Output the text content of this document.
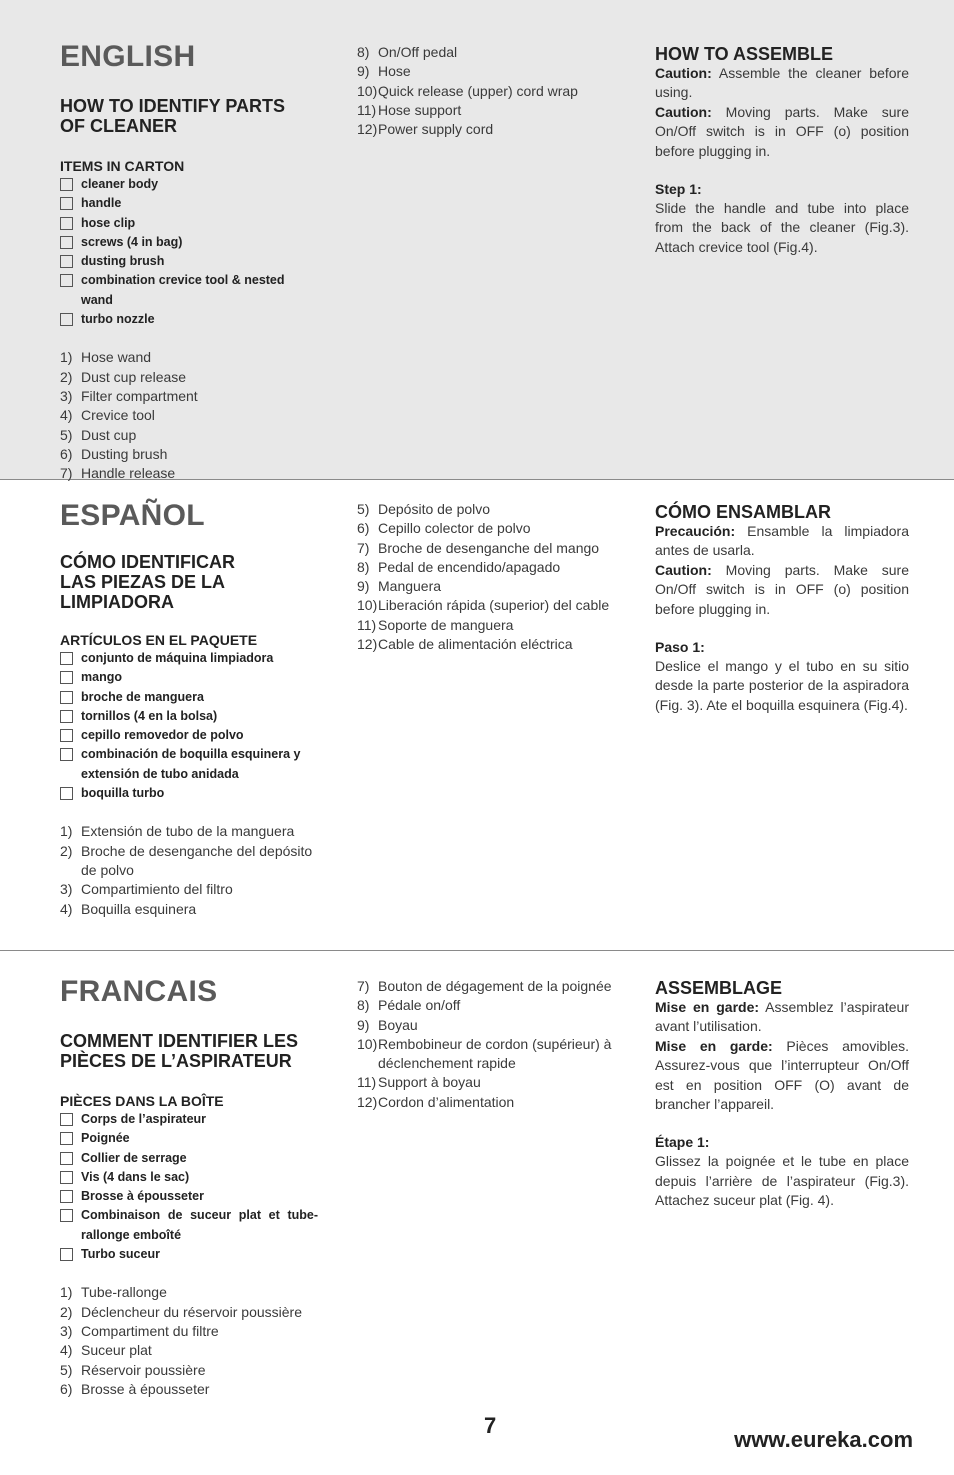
ENGLISH
HOW TO IDENTIFY PARTS
OF CLEANER
ITEMS IN CARTON
cleaner body
handle
hose clip
screws (4 in bag)
dusting brush
combination crevice tool & nested wand
turbo nozzle
1) Hose wand
2) Dust cup release
3) Filter compartment
4) Crevice tool
5) Dust cup
6) Dusting brush
7) Handle release
8) On/Off pedal
9) Hose
10) Quick release (upper) cord wrap
11) Hose support
12) Power supply cord
HOW TO ASSEMBLE

Caution: Assemble the cleaner before using.

Caution: Moving parts. Make sure On/Off switch is in OFF (o) position before plugging in.

Step 1:

Slide the handle and tube into place from the back of the cleaner (Fig.3). Attach crevice tool (Fig.4).

ESPAÑOL
CÓMO IDENTIFICAR
LAS PIEZAS DE LA
LIMPIADORA
ARTÍCULOS EN EL PAQUETE
conjunto de máquina limpiadora
mango
broche de manguera
tornillos (4 en la bolsa)
cepillo removedor de polvo
combinación de boquilla esquinera y extensión de tubo anidada
boquilla turbo
1) Extensión de tubo de la manguera
2) Broche de desenganche del depósito de polvo
3) Compartimiento del filtro
4) Boquilla esquinera
5) Depósito de polvo
6) Cepillo colector de polvo
7) Broche de desenganche del mango
8) Pedal de encendido/apagado
9) Manguera
10) Liberación rápida (superior) del cable
11) Soporte de manguera
12) Cable de alimentación eléctrica
CÓMO ENSAMBLAR

Precaución: Ensamble la limpiadora antes de usarla.

Caution: Moving parts. Make sure On/Off switch is in OFF (o) position before plugging in.

Paso 1:

Deslice el mango y el tubo en su sitio desde la parte posterior de la aspiradora (Fig. 3). Ate el boquilla esquinera (Fig.4).

FRANCAIS
COMMENT IDENTIFIER LES
PIÈCES DE L’ASPIRATEUR
PIÈCES DANS LA BOÎTE
Corps de l’aspirateur
Poignée
Collier de serrage
Vis (4 dans le sac)
Brosse à épousseter
Combinaison de suceur plat et tube-rallonge emboîté
Turbo suceur
1) Tube-rallonge
2) Déclencheur du réservoir poussière
3) Compartiment du filtre
4) Suceur plat
5) Réservoir poussière
6) Brosse à épousseter
7) Bouton de dégagement de la poignée
8) Pédale on/off
9) Boyau
10) Rembobineur de cordon (supérieur) à déclenchement rapide
11) Support à boyau
12) Cordon d’alimentation
ASSEMBLAGE

Mise en garde: Assemblez l’aspirateur avant l’utilisation.

Mise en garde: Pièces amovibles. Assurez-vous que l’interrupteur On/Off est en position OFF (O) avant de brancher l’appareil.

Étape 1:

Glissez la poignée et le tube en place depuis l’arrière de l’aspirateur (Fig.3). Attachez suceur plat (Fig. 4).

7
www.eureka.com
